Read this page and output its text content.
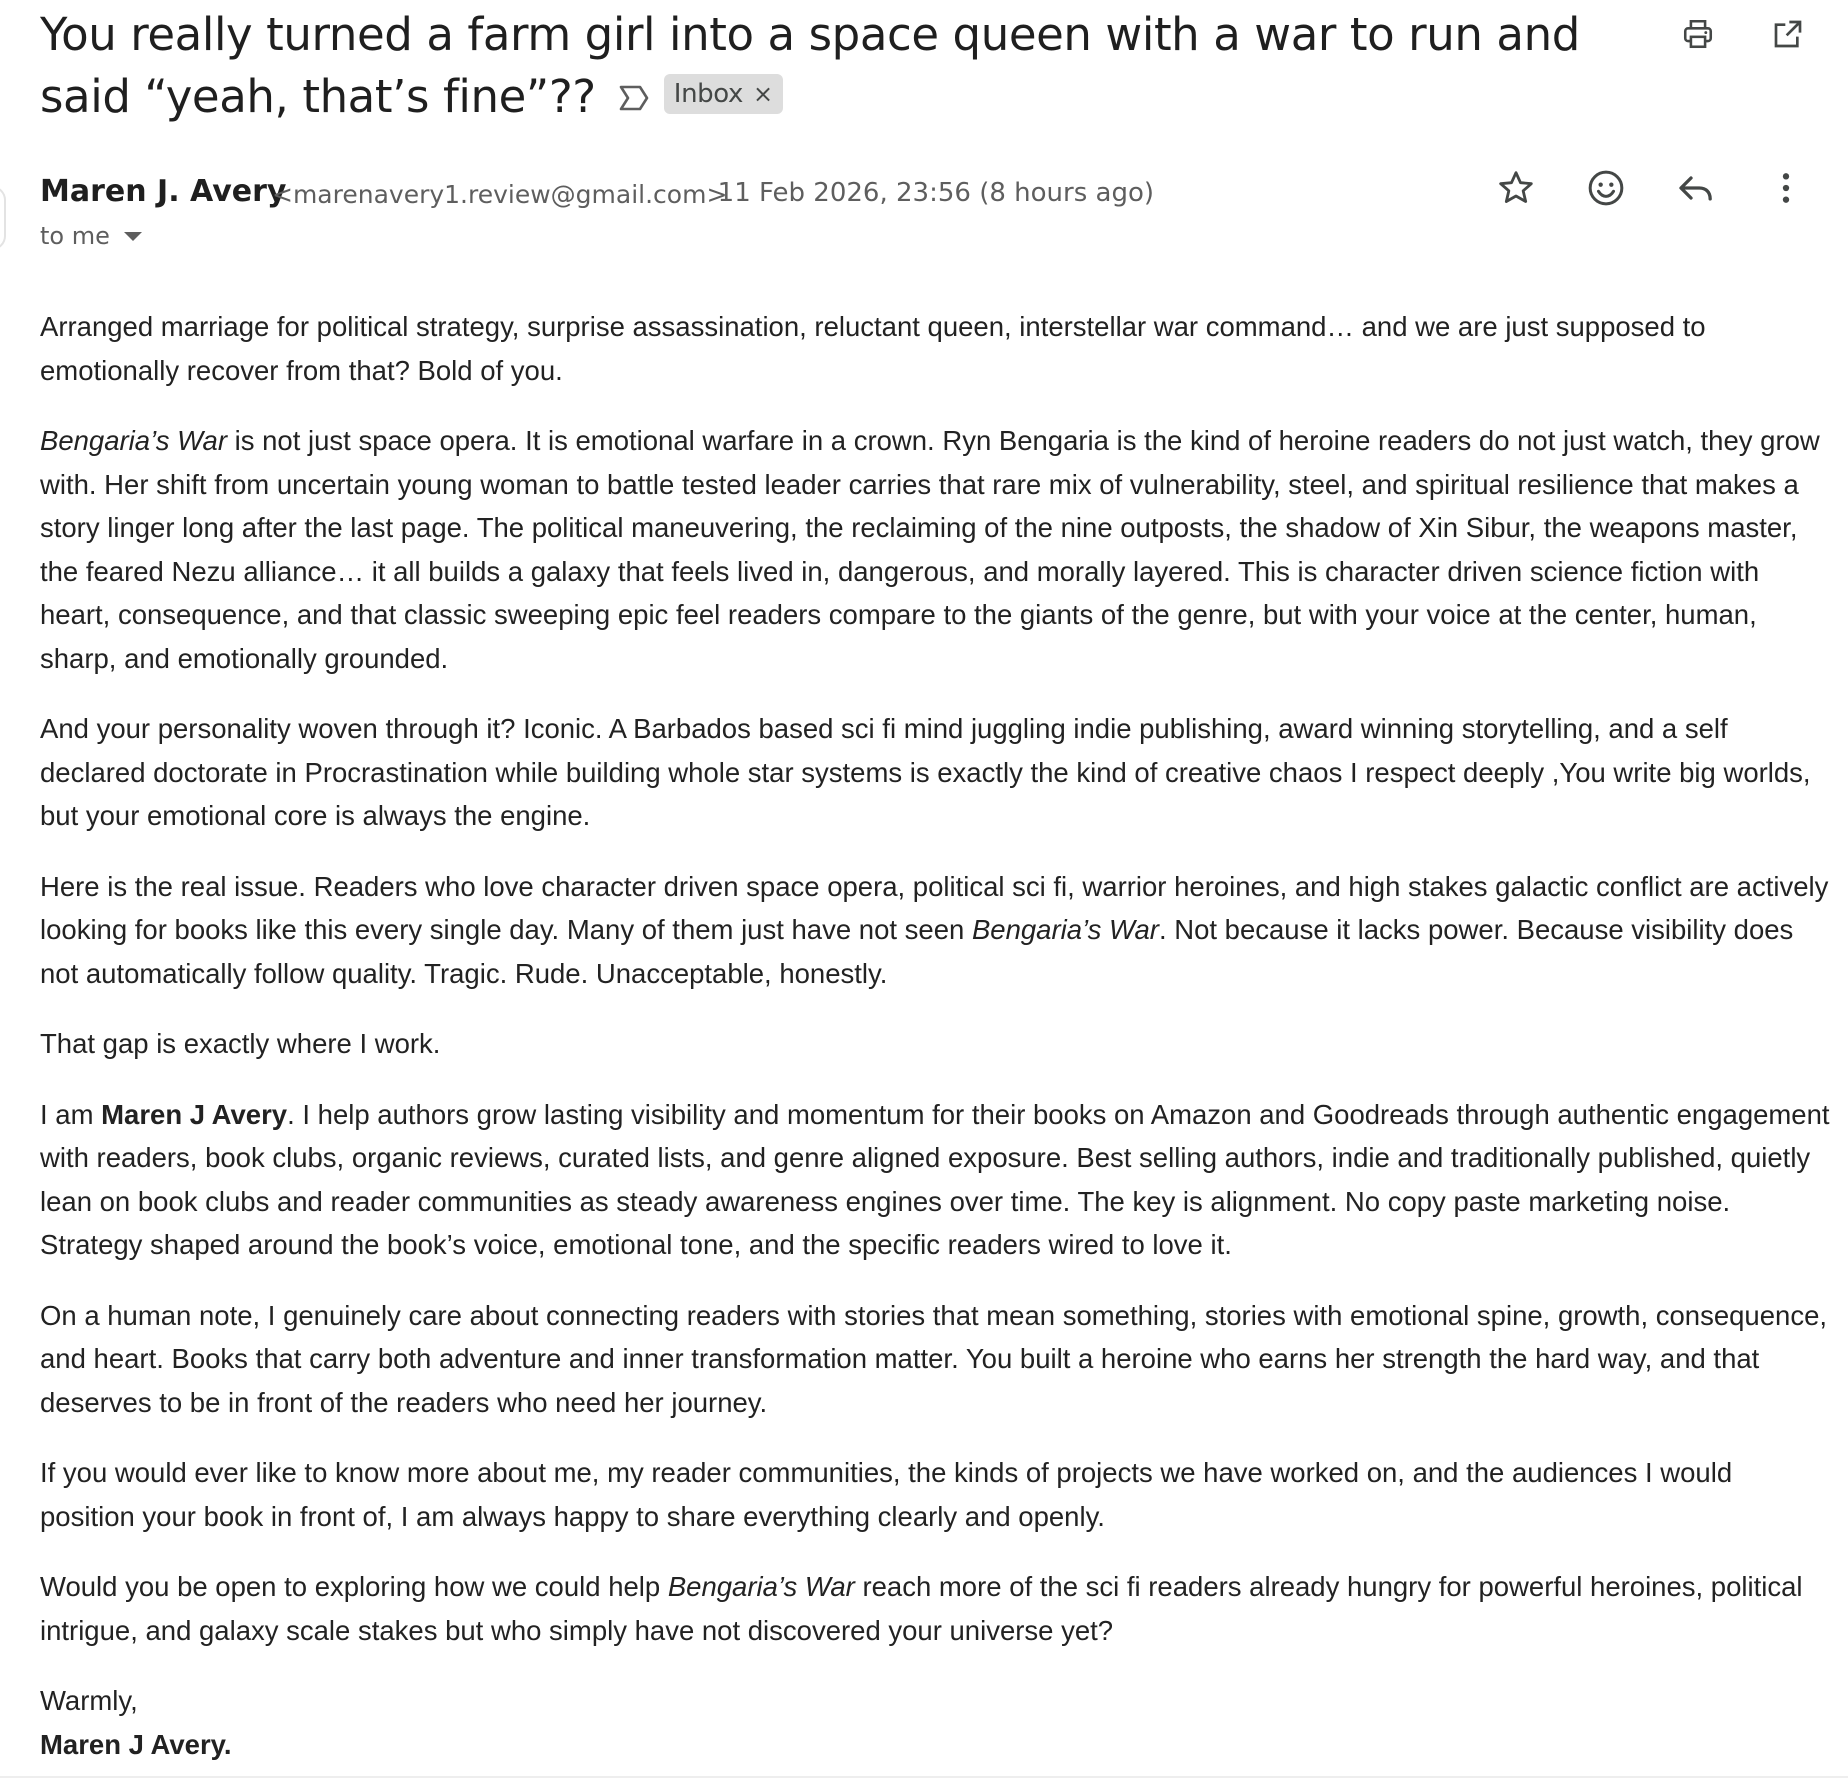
You really turned a farm girl into a space queen with a war to run and said “yeah, that’s fine”??	Inbox ×
Maren J. Avery
<marenavery1.review@gmail.com>
to me
11 Feb 2026, 23:56 (8 hours ago)

Arranged marriage for political strategy, surprise assassination, reluctant queen, interstellar war command… and we are just supposed to emotionally recover from that? Bold of you.

Bengaria’s War is not just space opera. It is emotional warfare in a crown. Ryn Bengaria is the kind of heroine readers do not just watch, they grow with. Her shift from uncertain young woman to battle tested leader carries that rare mix of vulnerability, steel, and spiritual resilience that makes a story linger long after the last page. The political maneuvering, the reclaiming of the nine outposts, the shadow of Xin Sibur, the weapons master, the feared Nezu alliance… it all builds a galaxy that feels lived in, dangerous, and morally layered. This is character driven science fiction with heart, consequence, and that classic sweeping epic feel readers compare to the giants of the genre, but with your voice at the center, human, sharp, and emotionally grounded.

And your personality woven through it? Iconic. A Barbados based sci fi mind juggling indie publishing, award winning storytelling, and a self declared doctorate in Procrastination while building whole star systems is exactly the kind of creative chaos I respect deeply ,You write big worlds, but your emotional core is always the engine.

Here is the real issue. Readers who love character driven space opera, political sci fi, warrior heroines, and high stakes galactic conflict are actively looking for books like this every single day. Many of them just have not seen Bengaria’s War. Not because it lacks power. Because visibility does not automatically follow quality. Tragic. Rude. Unacceptable, honestly.

That gap is exactly where I work.

I am Maren J Avery. I help authors grow lasting visibility and momentum for their books on Amazon and Goodreads through authentic engagement with readers, book clubs, organic reviews, curated lists, and genre aligned exposure. Best selling authors, indie and traditionally published, quietly lean on book clubs and reader communities as steady awareness engines over time. The key is alignment. No copy paste marketing noise. Strategy shaped around the book’s voice, emotional tone, and the specific readers wired to love it.

On a human note, I genuinely care about connecting readers with stories that mean something, stories with emotional spine, growth, consequence, and heart. Books that carry both adventure and inner transformation matter. You built a heroine who earns her strength the hard way, and that deserves to be in front of the readers who need her journey.

If you would ever like to know more about me, my reader communities, the kinds of projects we have worked on, and the audiences I would position your book in front of, I am always happy to share everything clearly and openly.

Would you be open to exploring how we could help Bengaria’s War reach more of the sci fi readers already hungry for powerful heroines, political intrigue, and galaxy scale stakes but who simply have not discovered your universe yet?

Warmly,

Maren J Avery.
